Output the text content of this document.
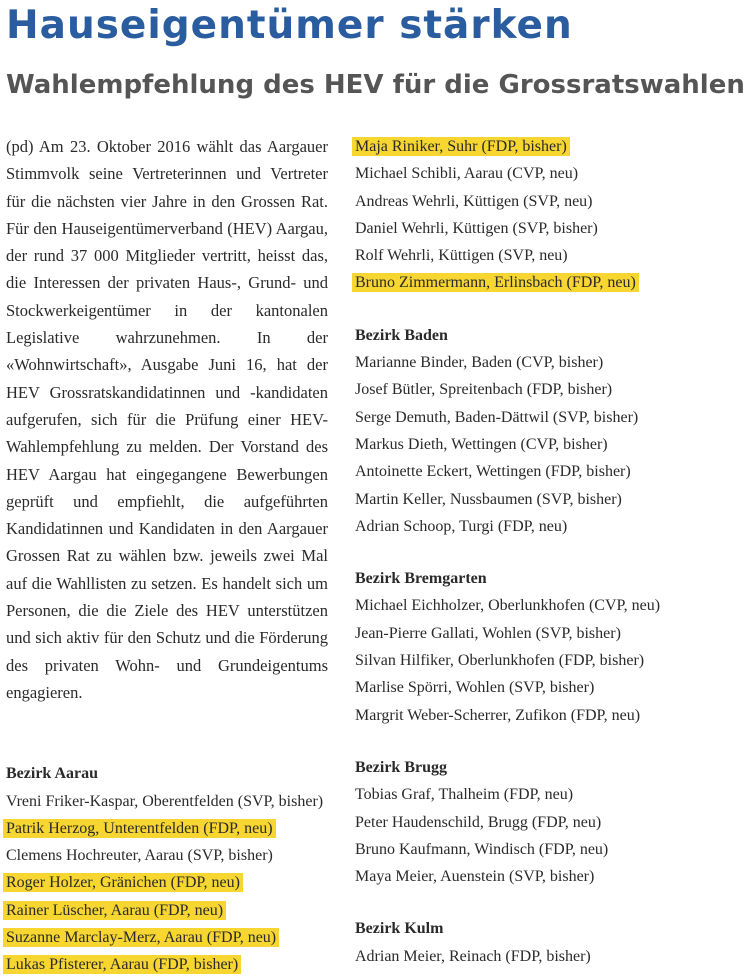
Hauseigentümer stärken
Wahlempfehlung des HEV für die Grossratswahlen

(pd) Am 23. Oktober 2016 wählt das Aargauer Stimmvolk seine Vertreterinnen und Vertreter für die nächsten vier Jahre in den Grossen Rat. Für den Hauseigentümerverband (HEV) Aargau, der rund 37 000 Mitglieder vertritt, heisst das, die Interessen der privaten Haus-, Grund- und Stockwerkeigentümer in der kantonalen Legislative wahrzunehmen. In der «Wohnwirtschaft», Ausgabe Juni 16, hat der HEV Grossratskandidatinnen und -kandidaten aufgerufen, sich für die Prüfung einer HEV-Wahlempfehlung zu melden. Der Vorstand des HEV Aargau hat eingegangene Bewerbungen geprüft und empfiehlt, die aufgeführten Kandidatinnen und Kandidaten in den Aargauer Grossen Rat zu wählen bzw. jeweils zwei Mal auf die Wahllisten zu setzen. Es handelt sich um Personen, die die Ziele des HEV unterstützen und sich aktiv für den Schutz und die Förderung des privaten Wohn- und Grundeigentums engagieren.

Bezirk Aarau
Vreni Friker-Kaspar, Oberentfelden (SVP, bisher)
Patrik Herzog, Unterentfelden (FDP, neu)
Clemens Hochreuter, Aarau (SVP, bisher)
Roger Holzer, Gränichen (FDP, neu)
Rainer Lüscher, Aarau (FDP, neu)
Suzanne Marclay-Merz, Aarau (FDP, neu)
Lukas Pfisterer, Aarau (FDP, bisher)
Maja Riniker, Suhr (FDP, bisher)
Michael Schibli, Aarau (CVP, neu)
Andreas Wehrli, Küttigen (SVP, neu)
Daniel Wehrli, Küttigen (SVP, bisher)
Rolf Wehrli, Küttigen (SVP, neu)
Bruno Zimmermann, Erlinsbach (FDP, neu)
Bezirk Baden
Marianne Binder, Baden (CVP, bisher)
Josef Bütler, Spreitenbach (FDP, bisher)
Serge Demuth, Baden-Dättwil (SVP, bisher)
Markus Dieth, Wettingen (CVP, bisher)
Antoinette Eckert, Wettingen (FDP, bisher)
Martin Keller, Nussbaumen (SVP, bisher)
Adrian Schoop, Turgi (FDP, neu)
Bezirk Bremgarten
Michael Eichholzer, Oberlunkhofen (CVP, neu)
Jean-Pierre Gallati, Wohlen (SVP, bisher)
Silvan Hilfiker, Oberlunkhofen (FDP, bisher)
Marlise Spörri, Wohlen (SVP, bisher)
Margrit Weber-Scherrer, Zufikon (FDP, neu)
Bezirk Brugg
Tobias Graf, Thalheim (FDP, neu)
Peter Haudenschild, Brugg (FDP, neu)
Bruno Kaufmann, Windisch (FDP, neu)
Maya Meier, Auenstein (SVP, bisher)
Bezirk Kulm
Adrian Meier, Reinach (FDP, bisher)
